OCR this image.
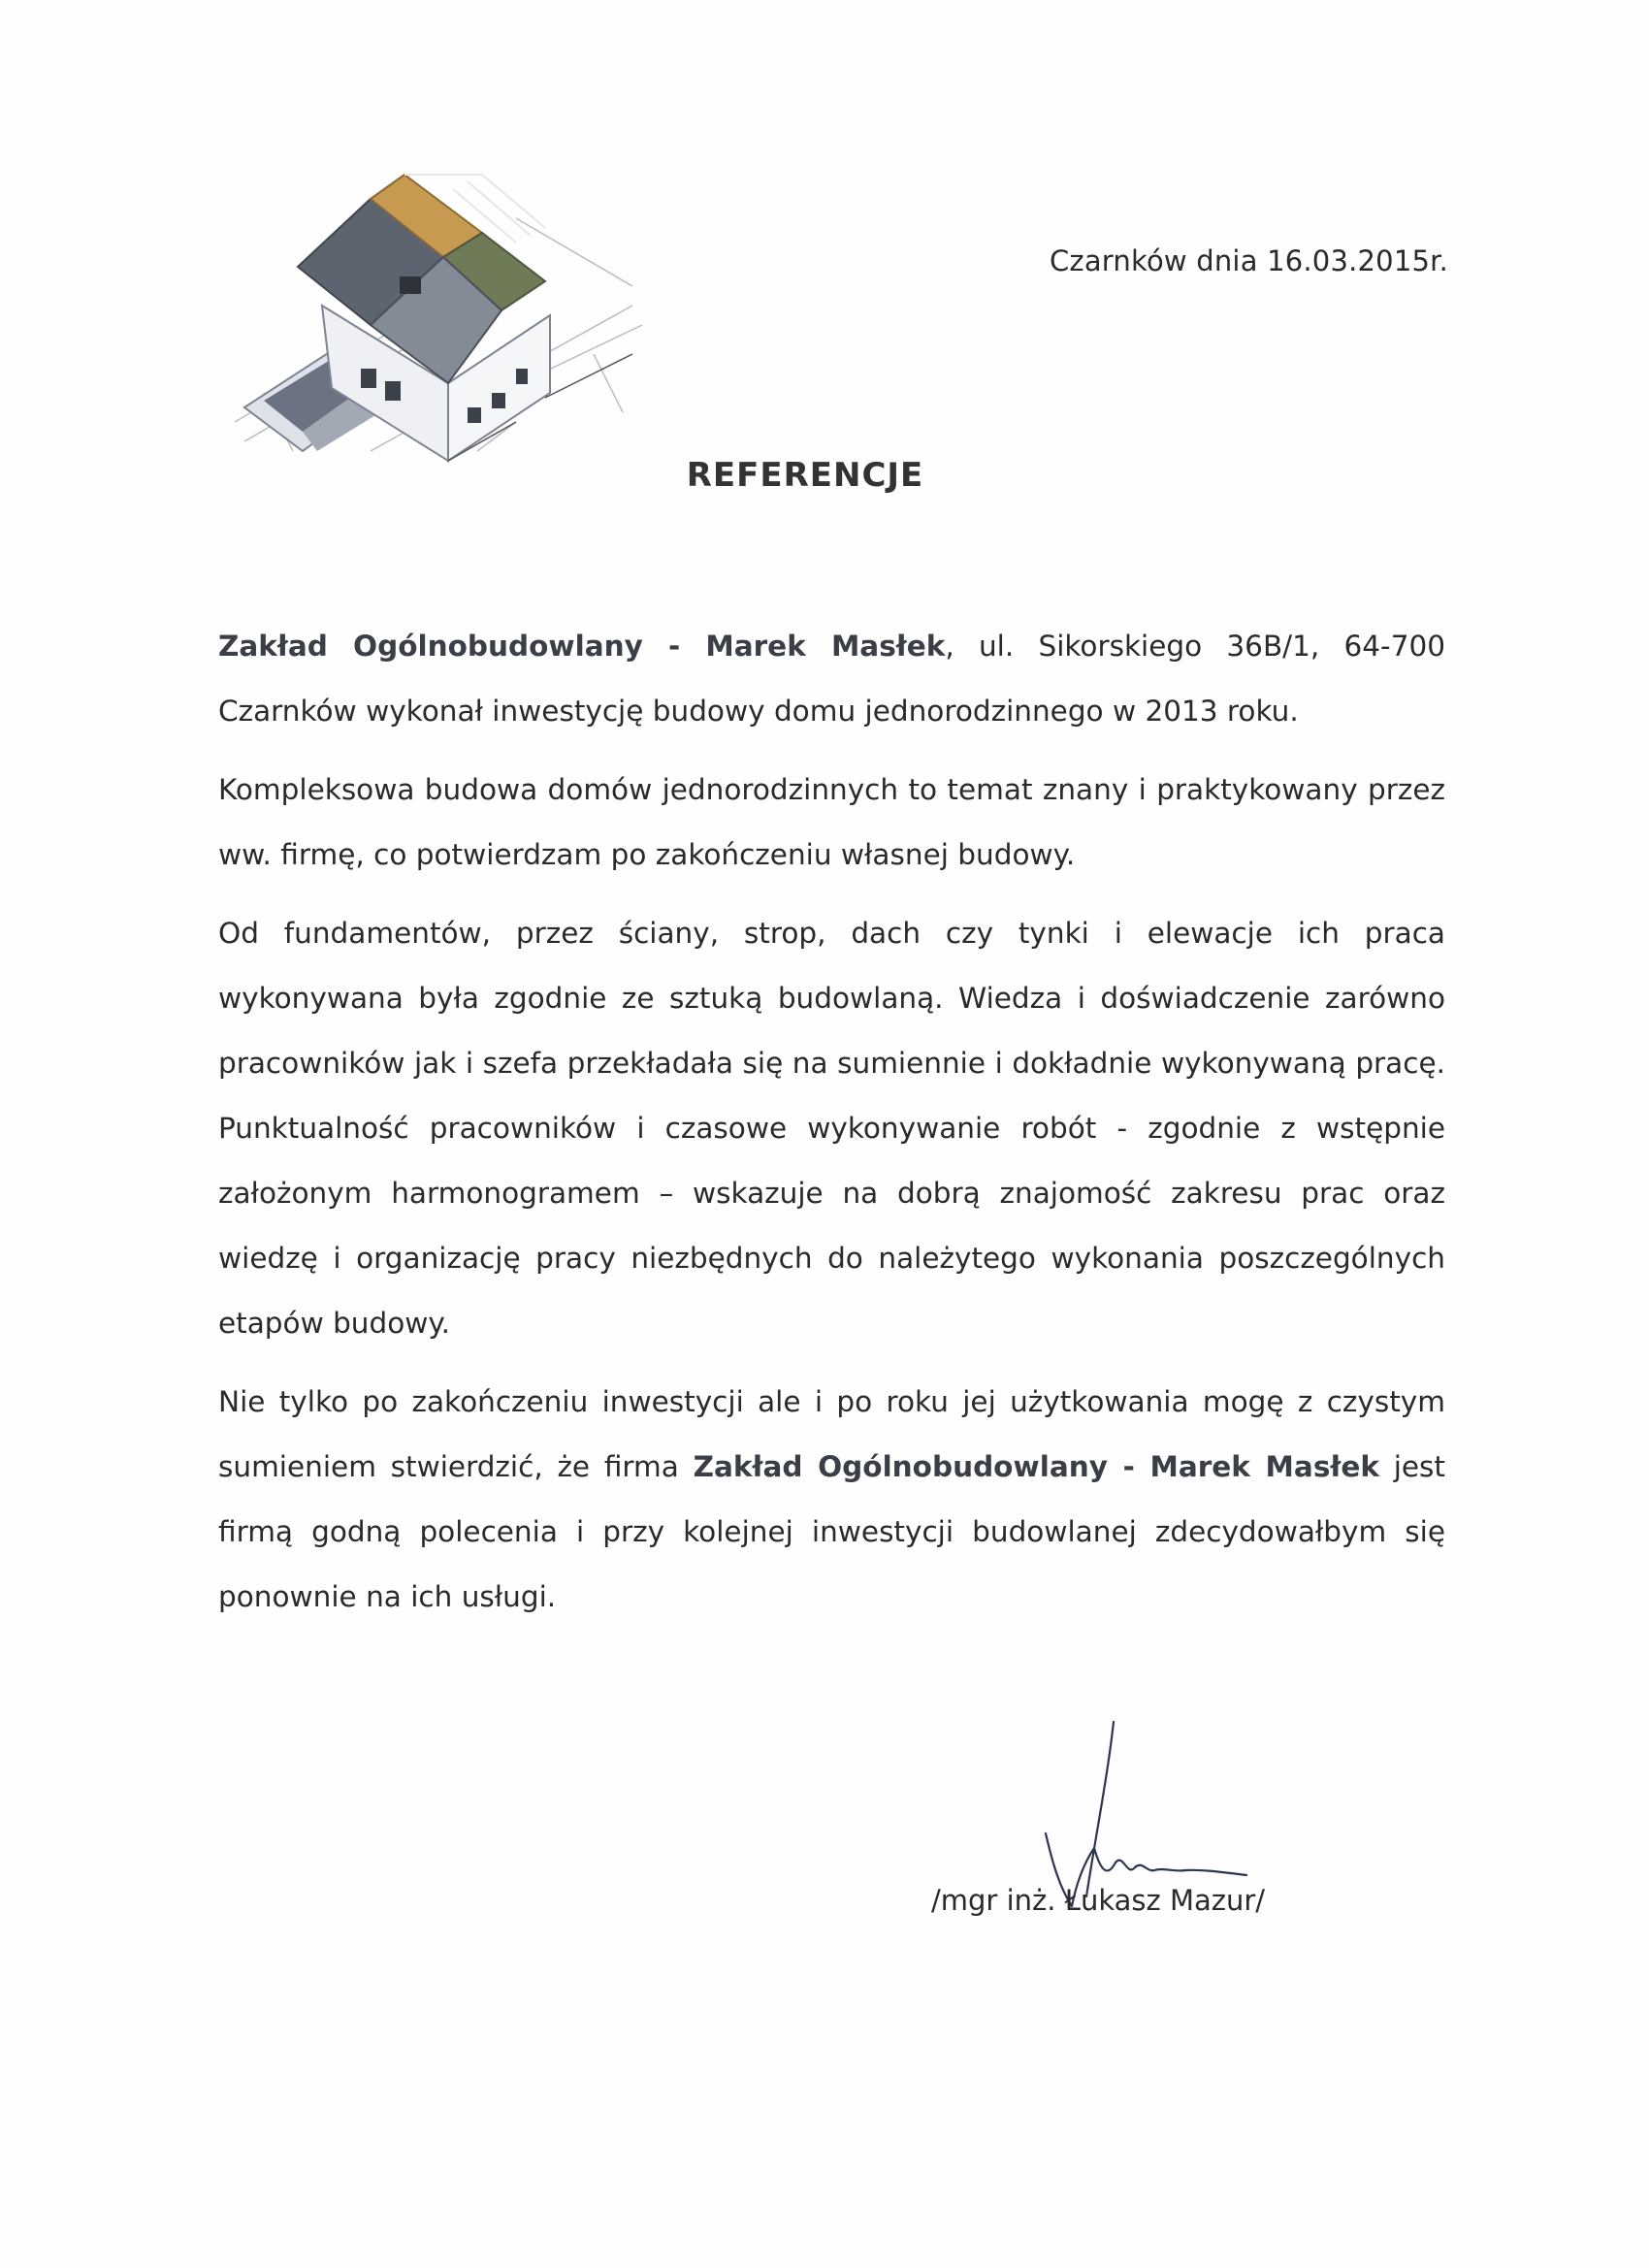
Czarnków dnia 16.03.2015r.
REFERENCJE

Zakład Ogólnobudowlany - Marek Masłek, ul. Sikorskiego 36B/1, 64-700 Czarnków wykonał inwestycję budowy domu jednorodzinnego w 2013 roku.

Kompleksowa budowa domów jednorodzinnych to temat znany i praktykowany przez ww. firmę, co potwierdzam po zakończeniu własnej budowy.

Od fundamentów, przez ściany, strop, dach czy tynki i elewacje ich praca wykonywana była zgodnie ze sztuką budowlaną. Wiedza i doświadczenie zarówno pracowników jak i szefa przekładała się na sumiennie i dokładnie wykonywaną pracę. Punktualność pracowników i czasowe wykonywanie robót - zgodnie z wstępnie założonym harmonogramem – wskazuje na dobrą znajomość zakresu prac oraz wiedzę i organizację pracy niezbędnych do należytego wykonania poszczególnych etapów budowy.

Nie tylko po zakończeniu inwestycji ale i po roku jej użytkowania mogę z czystym sumieniem stwierdzić, że firma Zakład Ogólnobudowlany - Marek Masłek jest firmą godną polecenia i przy kolejnej inwestycji budowlanej zdecydowałbym się ponownie na ich usługi.

/mgr inż. Łukasz Mazur/
